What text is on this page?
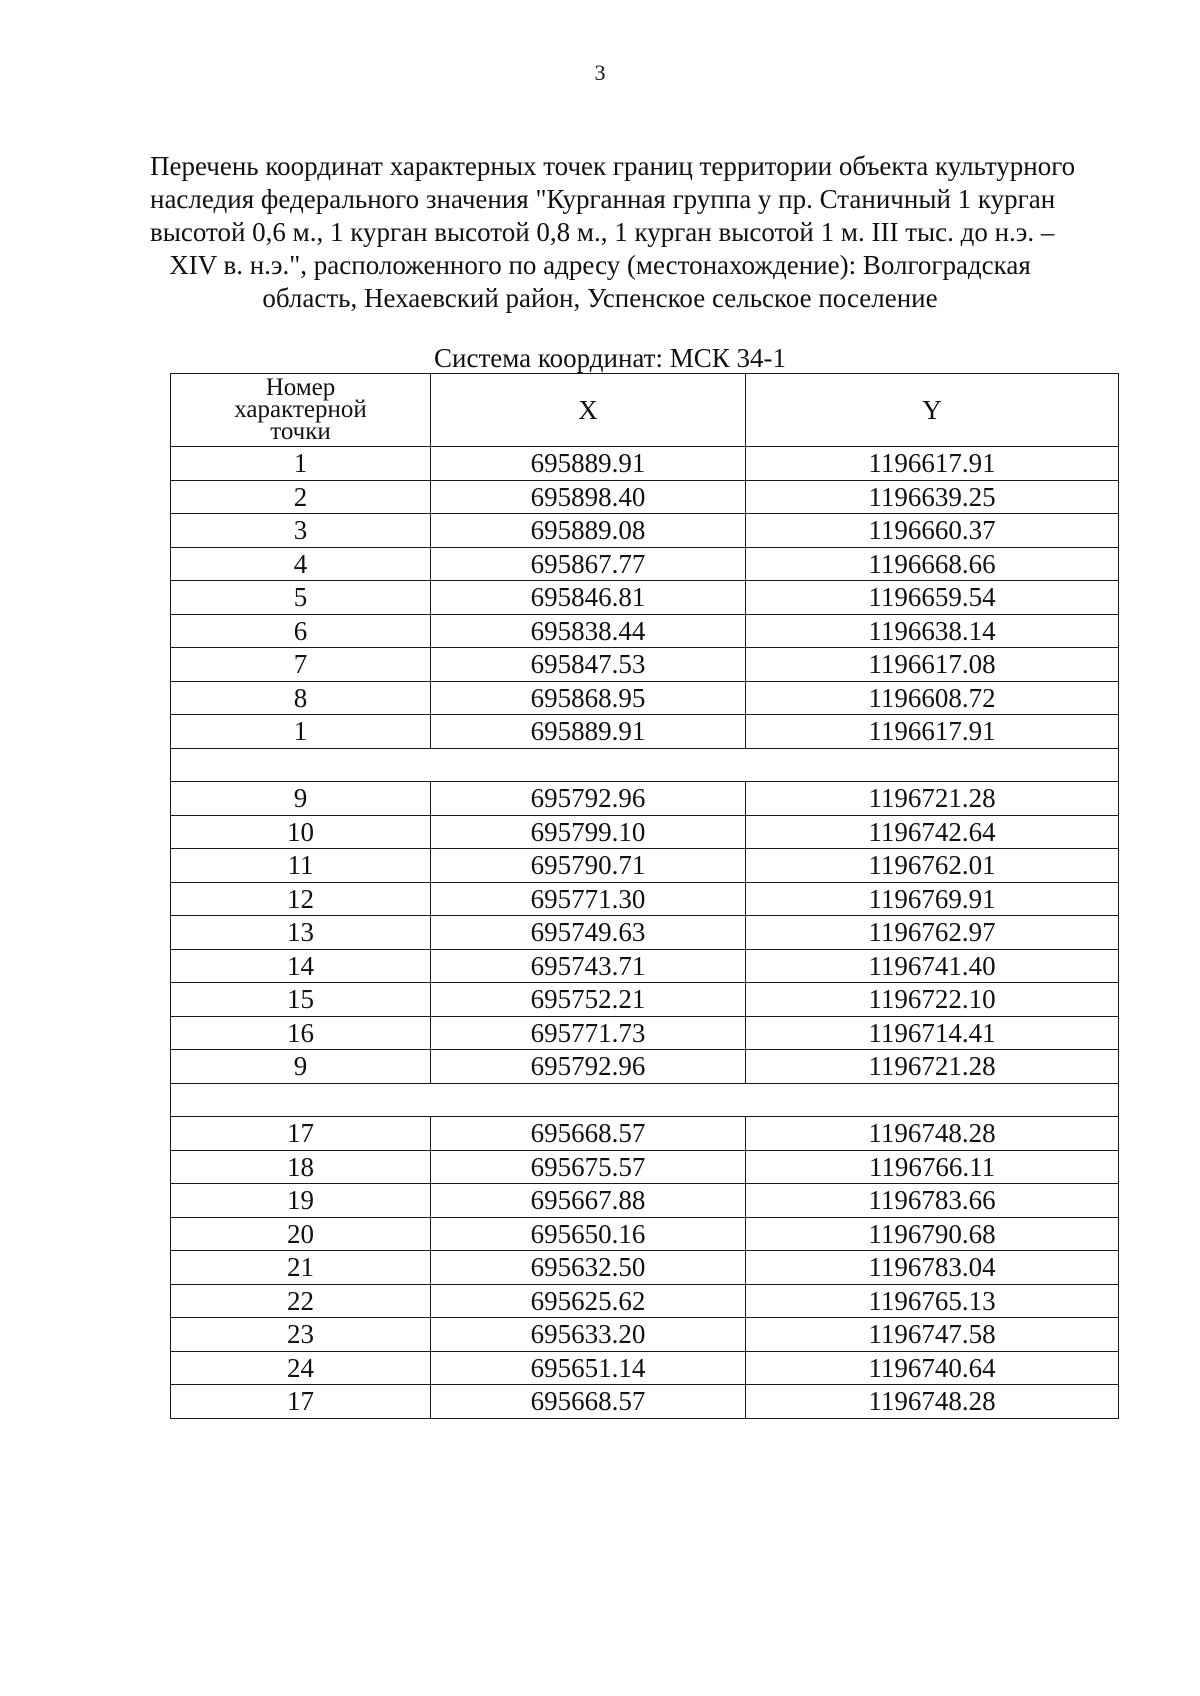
3
Перечень координат характерных точек границ территории объекта культурного
наследия федерального значения "Курганная группа у пр. Станичный 1 курган
высотой 0,6 м., 1 курган высотой 0,8 м., 1 курган высотой 1 м. III тыс. до н.э. –
XIV в. н.э.", расположенного по адресу (местонахождение): Волгоградская
область, Нехаевский район, Успенское сельское поселение
Система координат: МСК 34-1
Номер
характерной
точки	X	Y
1	695889.91	1196617.91
2	695898.40	1196639.25
3	695889.08	1196660.37
4	695867.77	1196668.66
5	695846.81	1196659.54
6	695838.44	1196638.14
7	695847.53	1196617.08
8	695868.95	1196608.72
1	695889.91	1196617.91

9	695792.96	1196721.28
10	695799.10	1196742.64
11	695790.71	1196762.01
12	695771.30	1196769.91
13	695749.63	1196762.97
14	695743.71	1196741.40
15	695752.21	1196722.10
16	695771.73	1196714.41
9	695792.96	1196721.28

17	695668.57	1196748.28
18	695675.57	1196766.11
19	695667.88	1196783.66
20	695650.16	1196790.68
21	695632.50	1196783.04
22	695625.62	1196765.13
23	695633.20	1196747.58
24	695651.14	1196740.64
17	695668.57	1196748.28
